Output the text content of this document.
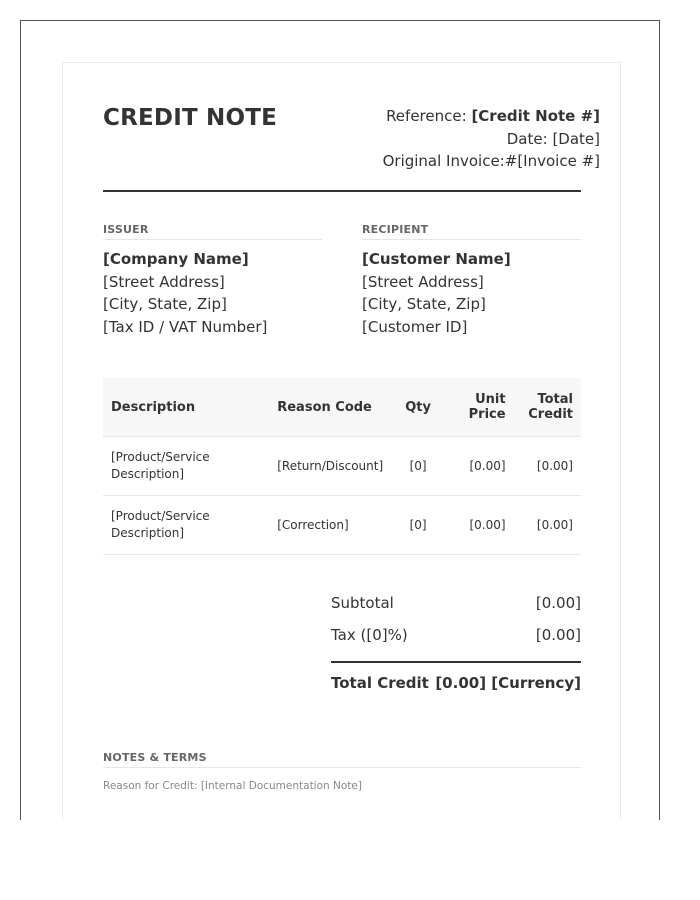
CREDIT NOTE	Reference: [Credit Note #]
Date: [Date]
Original Invoice:#[Invoice #]
ISSUER
[Company Name]
[Street Address]
[City, State, Zip]
[Tax ID / VAT Number]
RECIPIENT
[Customer Name]
[Street Address]
[City, State, Zip]
[Customer ID]
Description	Reason Code	Qty	Unit Price	Total Credit
[Product/Service Description]	[Return/Discount]	[0]	[0.00]	[0.00]
[Product/Service Description]	[Correction]	[0]	[0.00]	[0.00]
Subtotal	[0.00]
Tax ([0]%)	[0.00]
Total Credit [0.00] [Currency]
NOTES & TERMS
Reason for Credit: [Internal Documentation Note]
